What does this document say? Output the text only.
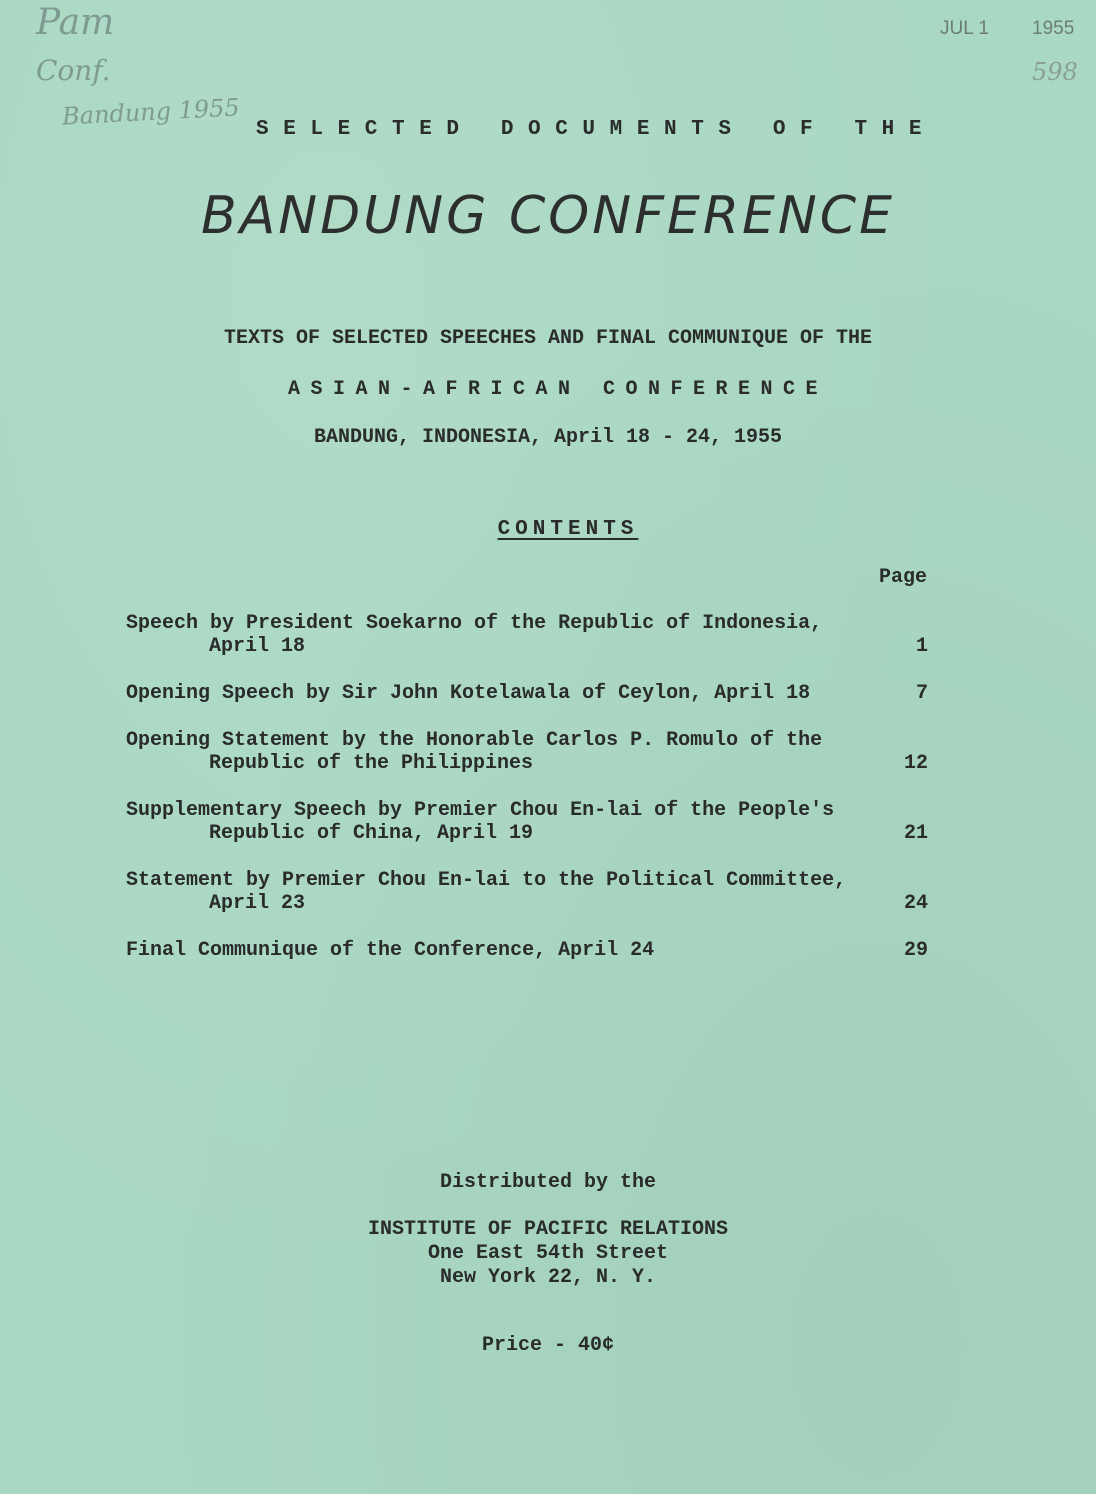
Pam
Conf.
Bandung 1955
598
JUL 1 1955
SELECTED DOCUMENTS OF THE
BANDUNG CONFERENCE
TEXTS OF SELECTED SPEECHES AND FINAL COMMUNIQUE OF THE
ASIAN-AFRICAN CONFERENCE
BANDUNG, INDONESIA, April 18 - 24, 1955
CONTENTS
Page
Speech by President Soekarno of the Republic of Indonesia,
April 18	1
Opening Speech by Sir John Kotelawala of Ceylon, April 18	7
Opening Statement by the Honorable Carlos P. Romulo of the
Republic of the Philippines	12
Supplementary Speech by Premier Chou En-lai of the People's
Republic of China, April 19	21
Statement by Premier Chou En-lai to the Political Committee,
April 23	24
Final Communique of the Conference, April 24	29
Distributed by the
INSTITUTE OF PACIFIC RELATIONS
One East 54th Street
New York 22, N. Y.
Price - 40¢
